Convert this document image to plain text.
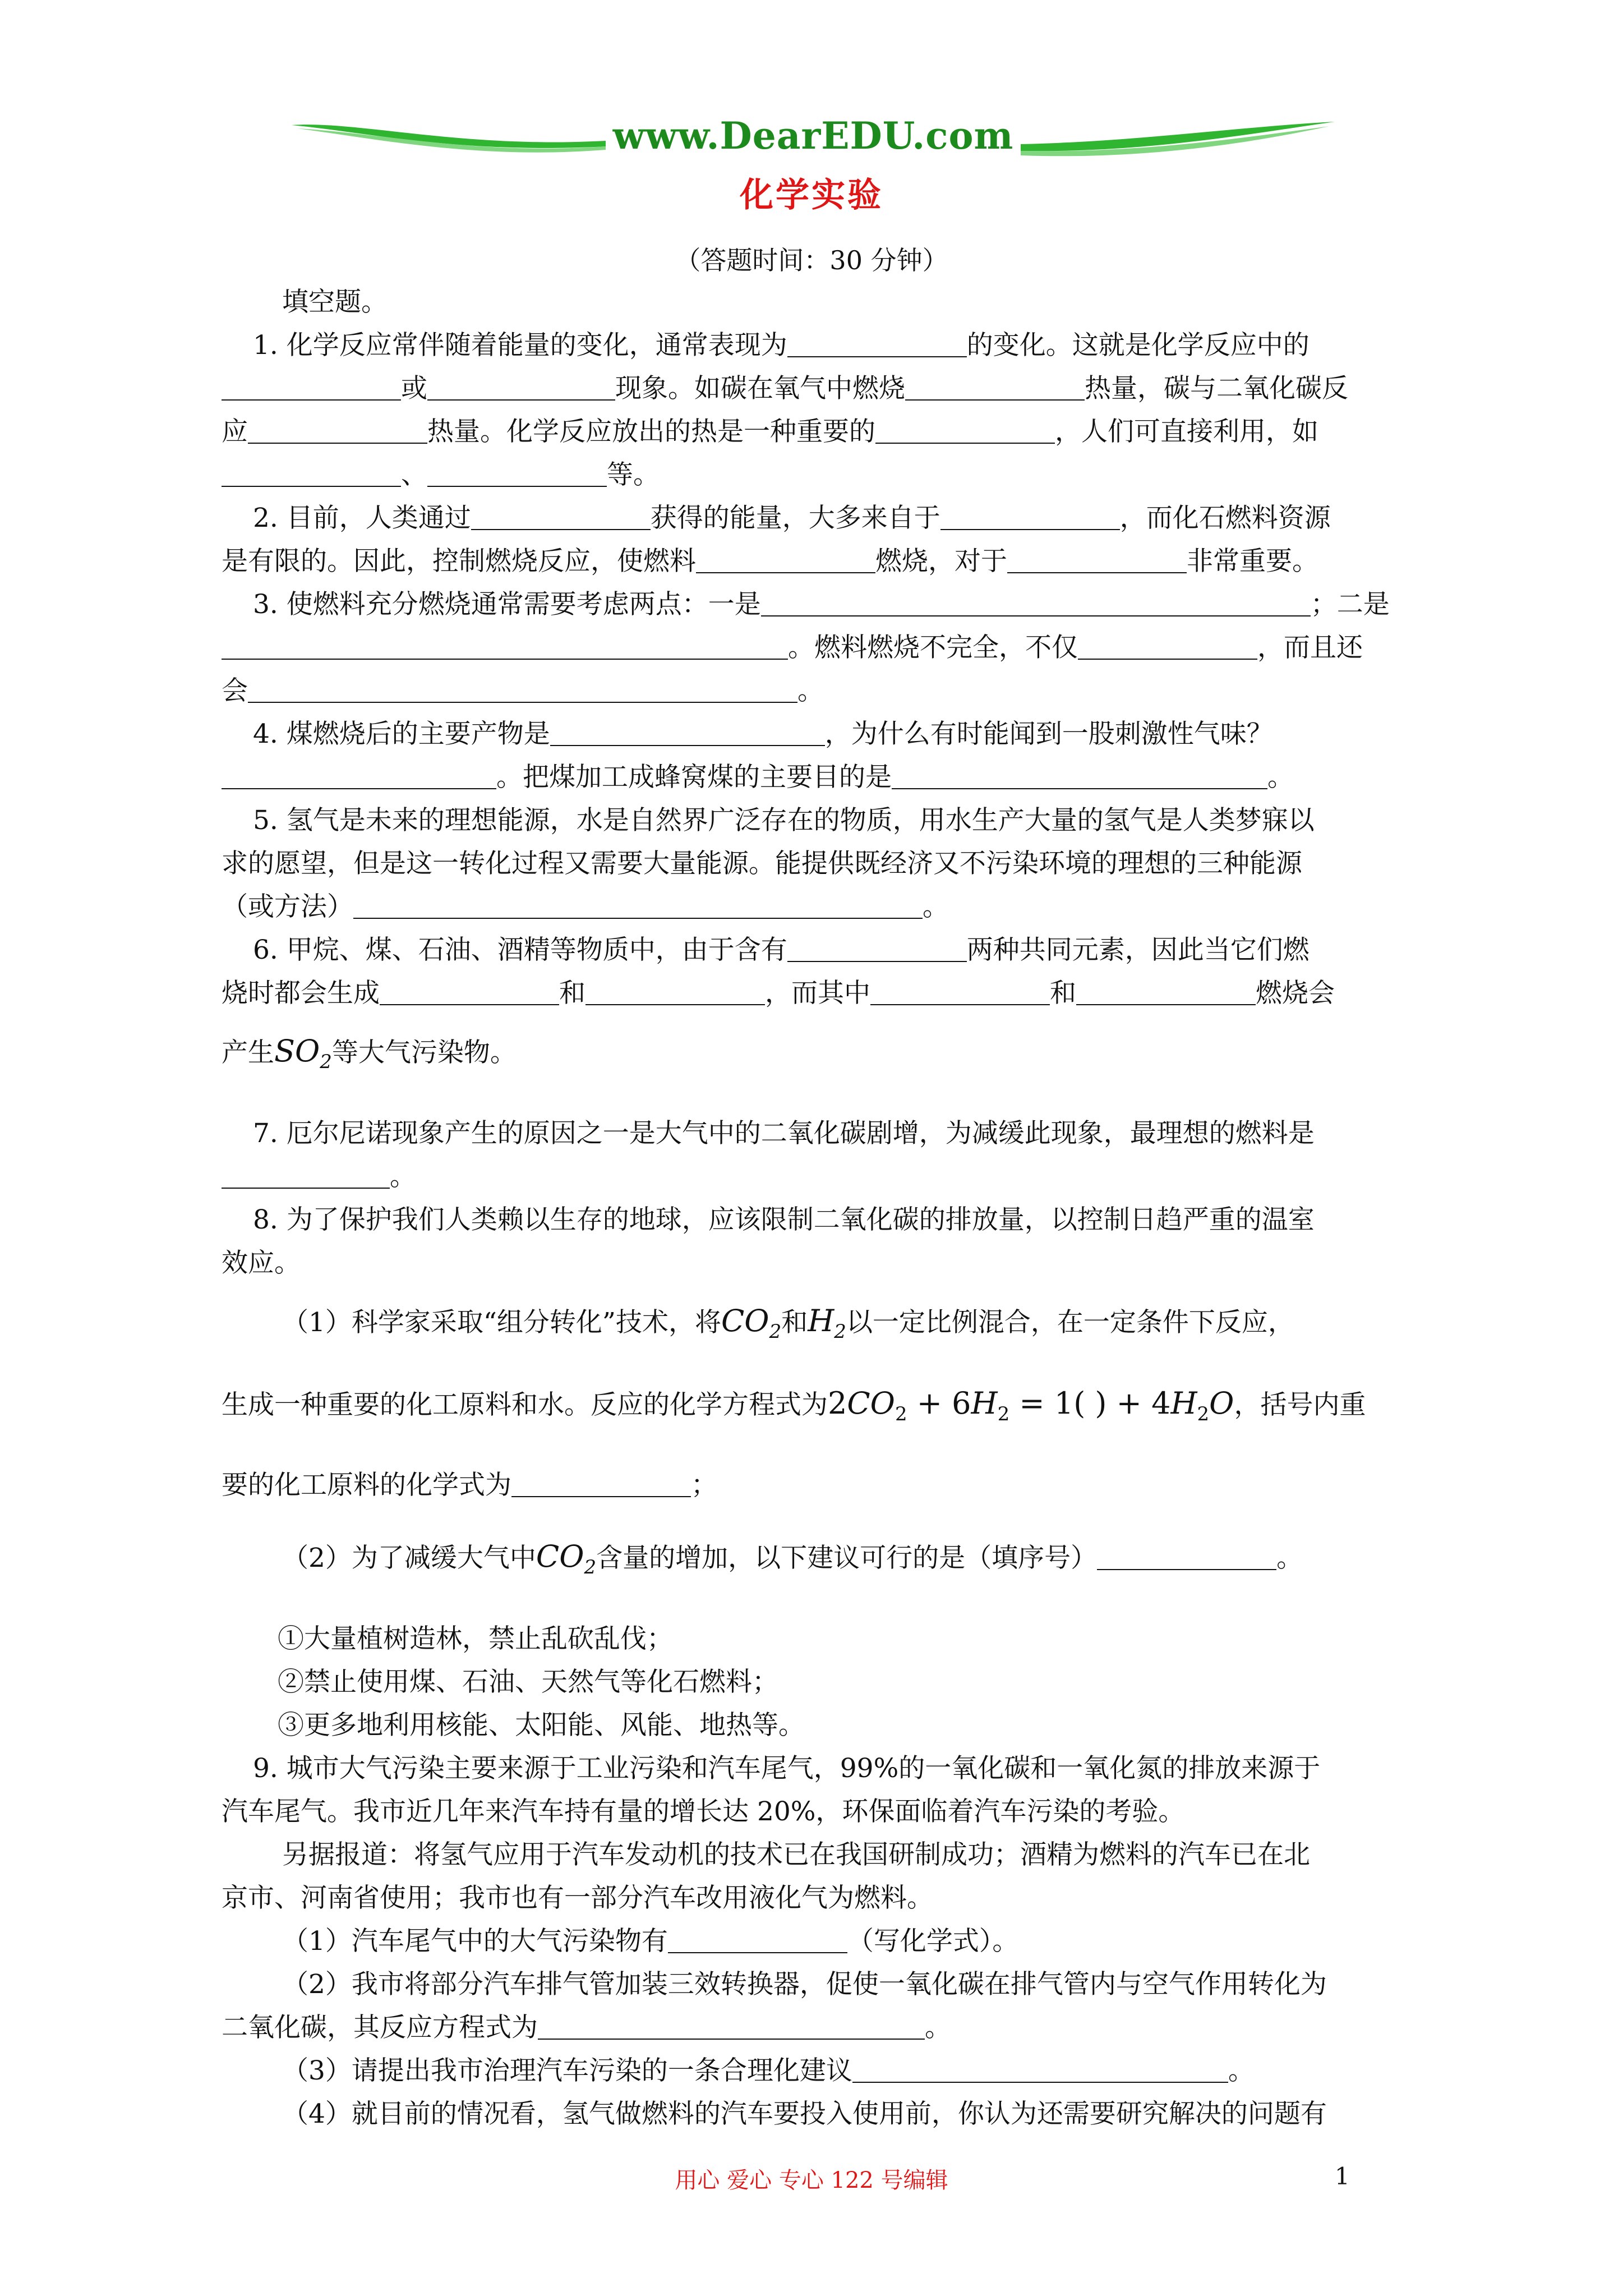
www.DearEDU.com
化学实验
（答题时间：30 分钟）

填空题。

1. 化学反应常伴随着能量的变化，通常表现为	的变化。这就是化学反应中的
或	现象。如碳在氧气中燃烧	热量，碳与二氧化碳反
应	热量。化学反应放出的热是一种重要的	，人们可直接利用，如
、	等。

2. 目前，人类通过	获得的能量，大多来自于	，而化石燃料资源
是有限的。因此，控制燃烧反应，使燃料	燃烧，对于	非常重要。

3. 使燃料充分燃烧通常需要考虑两点：一是	；二是
。燃料燃烧不完全，不仅	，而且还
会	。

4. 煤燃烧后的主要产物是	，为什么有时能闻到一股刺激性气味？
。把煤加工成蜂窝煤的主要目的是	。

5. 氢气是未来的理想能源，水是自然界广泛存在的物质，用水生产大量的氢气是人类梦寐以
求的愿望，但是这一转化过程又需要大量能源。能提供既经济又不污染环境的理想的三种能源
（或方法）	。

6. 甲烷、煤、石油、酒精等物质中，由于含有	两种共同元素，因此当它们燃
烧时都会生成	和	，而其中	和	燃烧会

产生$SO_2$等大气污染物。

7. 厄尔尼诺现象产生的原因之一是大气中的二氧化碳剧增，为减缓此现象，最理想的燃料是
。

8. 为了保护我们人类赖以生存的地球，应该限制二氧化碳的排放量，以控制日趋严重的温室
效应。

（1）科学家采取“组分转化”技术，将$CO_2$和$H_2$以一定比例混合，在一定条件下反应，

生成一种重要的化工原料和水。反应的化学方程式为$2CO_2 + 6H_2 = 1$( ) + $4H_2O$，括号内重

要的化工原料的化学式为	；

（2）为了减缓大气中$CO_2$含量的增加，以下建议可行的是（填序号）	。

①大量植树造林，禁止乱砍乱伐；

②禁止使用煤、石油、天然气等化石燃料；

③更多地利用核能、太阳能、风能、地热等。

9. 城市大气污染主要来源于工业污染和汽车尾气，99%的一氧化碳和一氧化氮的排放来源于
汽车尾气。我市近几年来汽车持有量的增长达 20%，环保面临着汽车污染的考验。

另据报道：将氢气应用于汽车发动机的技术已在我国研制成功；酒精为燃料的汽车已在北

京市、河南省使用；我市也有一部分汽车改用液化气为燃料。

（1）汽车尾气中的大气污染物有	（写化学式）。

（2）我市将部分汽车排气管加装三效转换器，促使一氧化碳在排气管内与空气作用转化为
二氧化碳，其反应方程式为	。

（3）请提出我市治理汽车污染的一条合理化建议	。

（4）就目前的情况看，氢气做燃料的汽车要投入使用前，你认为还需要研究解决的问题有

用心 爱心 专心 122 号编辑	1
